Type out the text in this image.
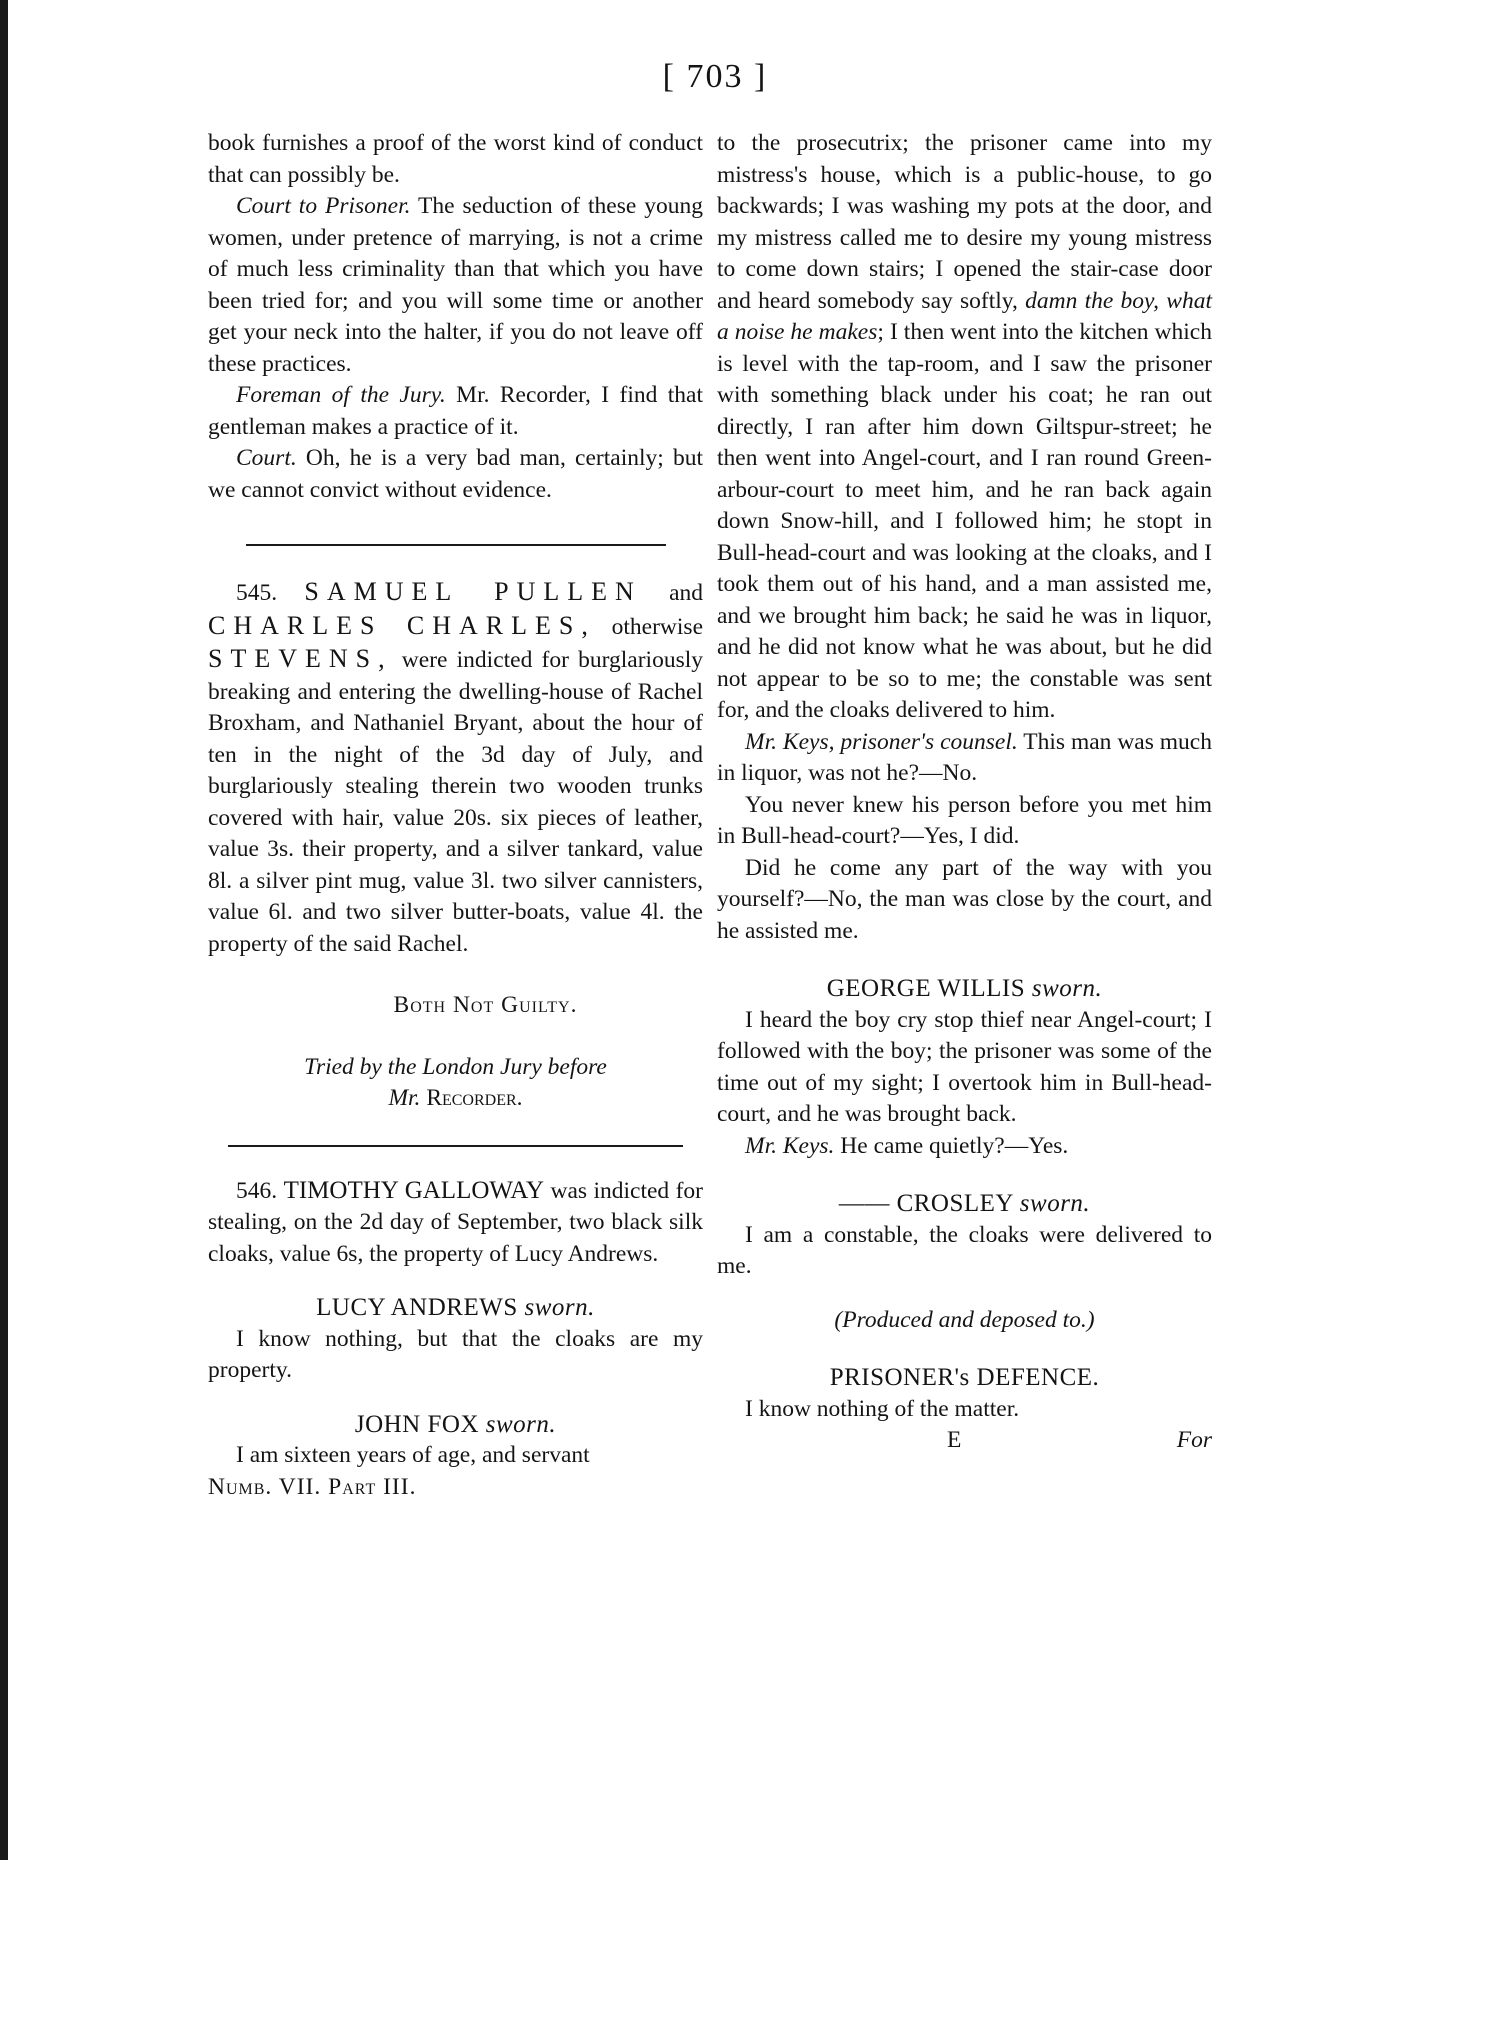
[ 703 ]

book furnishes a proof of the worst kind of conduct that can possibly be.

Court to Prisoner. The seduction of these young women, under pretence of marrying, is not a crime of much less criminality than that which you have been tried for; and you will some time or another get your neck into the halter, if you do not leave off these practices.

Foreman of the Jury. Mr. Recorder, I find that gentleman makes a practice of it.

Court. Oh, he is a very bad man, certainly; but we cannot convict without evidence.

545. SAMUEL PULLEN and CHARLES CHARLES, otherwise STEVENS, were indicted for burglariously breaking and entering the dwelling-house of Rachel Broxham, and Nathaniel Bryant, about the hour of ten in the night of the 3d day of July, and burglariously stealing therein two wooden trunks covered with hair, value 20s. six pieces of leather, value 3s. their property, and a silver tankard, value 8l. a silver pint mug, value 3l. two silver cannisters, value 6l. and two silver butter-boats, value 4l. the property of the said Rachel.

Both Not Guilty.

Tried by the London Jury before

Mr. Recorder.

546. TIMOTHY GALLOWAY was indicted for stealing, on the 2d day of September, two black silk cloaks, value 6s, the property of Lucy Andrews.

LUCY ANDREWS sworn.

I know nothing, but that the cloaks are my property.

JOHN FOX sworn.

I am sixteen years of age, and servant

Numb. VII. Part III.

to the prosecutrix; the prisoner came into my mistress's house, which is a public-house, to go backwards; I was washing my pots at the door, and my mistress called me to desire my young mistress to come down stairs; I opened the stair-case door and heard somebody say softly, damn the boy, what a noise he makes; I then went into the kitchen which is level with the tap-room, and I saw the prisoner with something black under his coat; he ran out directly, I ran after him down Giltspur-street; he then went into Angel-court, and I ran round Green-arbour-court to meet him, and he ran back again down Snow-hill, and I followed him; he stopt in Bull-head-court and was looking at the cloaks, and I took them out of his hand, and a man assisted me, and we brought him back; he said he was in liquor, and he did not know what he was about, but he did not appear to be so to me; the constable was sent for, and the cloaks delivered to him.

Mr. Keys, prisoner's counsel. This man was much in liquor, was not he?—No.

You never knew his person before you met him in Bull-head-court?—Yes, I did.

Did he come any part of the way with you yourself?—No, the man was close by the court, and he assisted me.

GEORGE WILLIS sworn.

I heard the boy cry stop thief near Angel-court; I followed with the boy; the prisoner was some of the time out of my sight; I overtook him in Bull-head-court, and he was brought back.

Mr. Keys. He came quietly?—Yes.

—— CROSLEY sworn.

I am a constable, the cloaks were delivered to me.

(Produced and deposed to.)

PRISONER's DEFENCE.

I know nothing of the matter.

E	For
